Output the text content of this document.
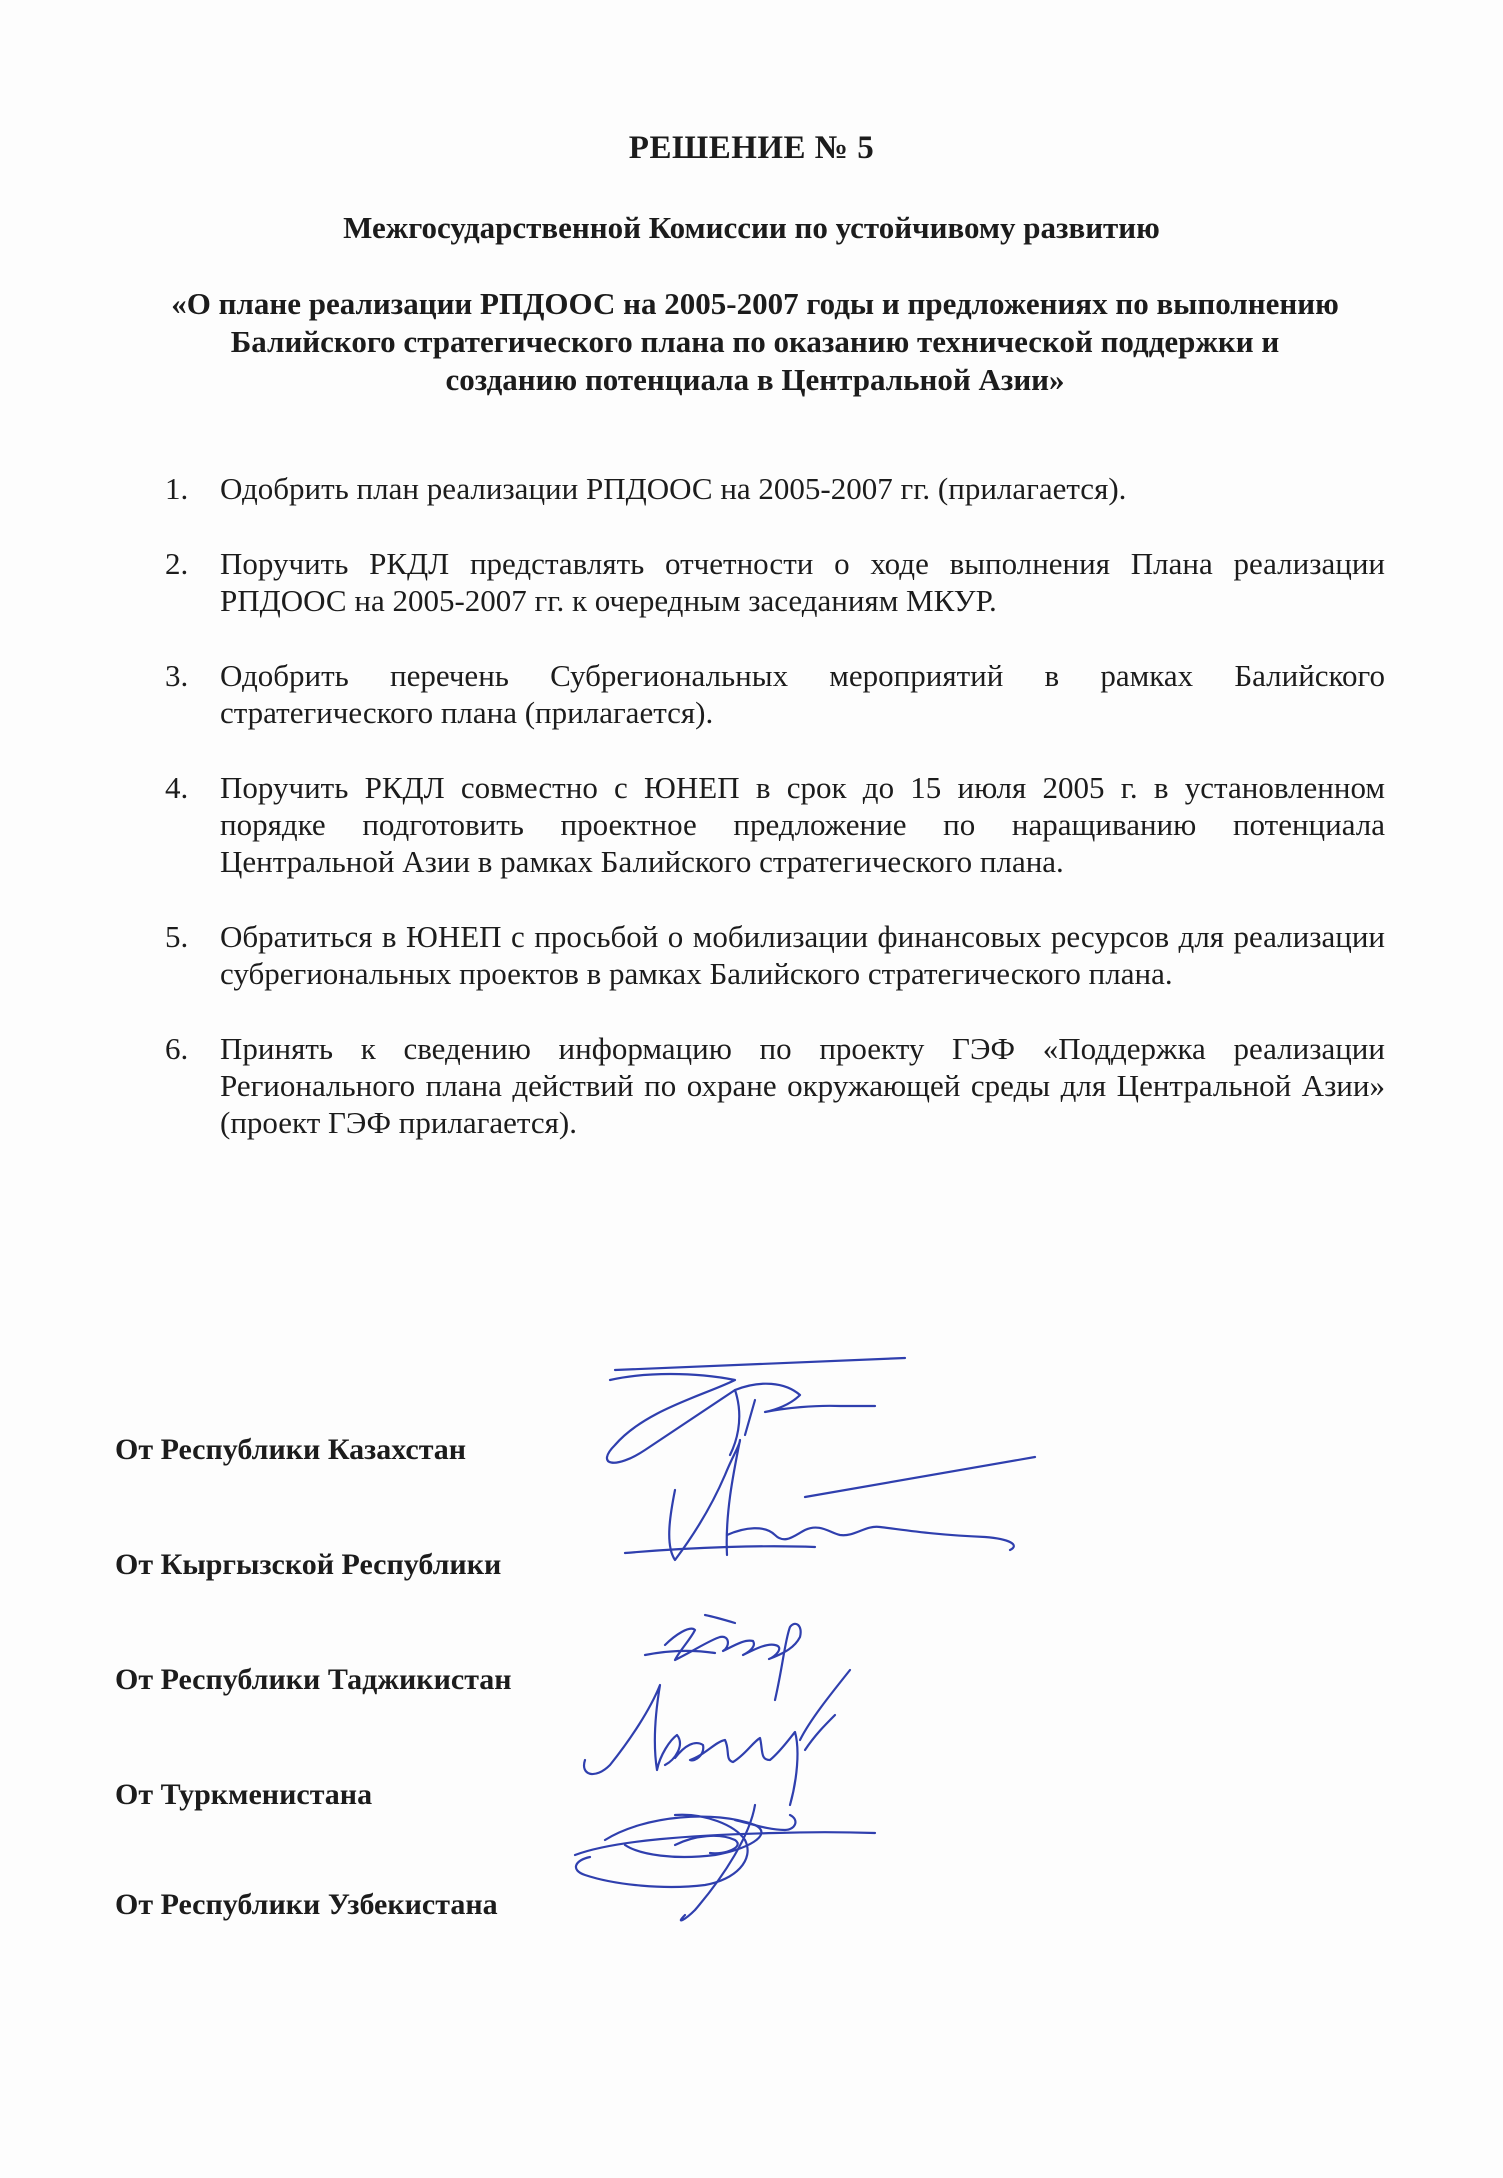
РЕШЕНИЕ № 5
Межгосударственной Комиссии по устойчивому развитию
«О плане реализации РПДООС на 2005-2007 годы и предложениях по выполнению
Балийского стратегического плана по оказанию технической поддержки и
созданию потенциала в Центральной Азии»
1. Одобрить план реализации РПДООС на 2005-2007 гг. (прилагается).
2. Поручить РКДЛ представлять отчетности о ходе выполнения Плана реализации РПДООС на 2005-2007 гг. к очередным заседаниям МКУР.
3. Одобрить перечень Субрегиональных мероприятий в рамках Балийского стратегического плана (прилагается).
4. Поручить РКДЛ совместно с ЮНЕП в срок до 15 июля 2005 г. в установленном порядке подготовить проектное предложение по наращиванию потенциала Центральной Азии в рамках Балийского стратегического плана.
5. Обратиться в ЮНЕП с просьбой о мобилизации финансовых ресурсов для реализации субрегиональных проектов в рамках Балийского стратегического плана.
6. Принять к сведению информацию по проекту ГЭФ «Поддержка реализации Регионального плана действий по охране окружающей среды для Центральной Азии» (проект ГЭФ прилагается).
От Республики Казахстан
От Кыргызской Республики
От Республики Таджикистан
От Туркменистана
От Республики Узбекистана
